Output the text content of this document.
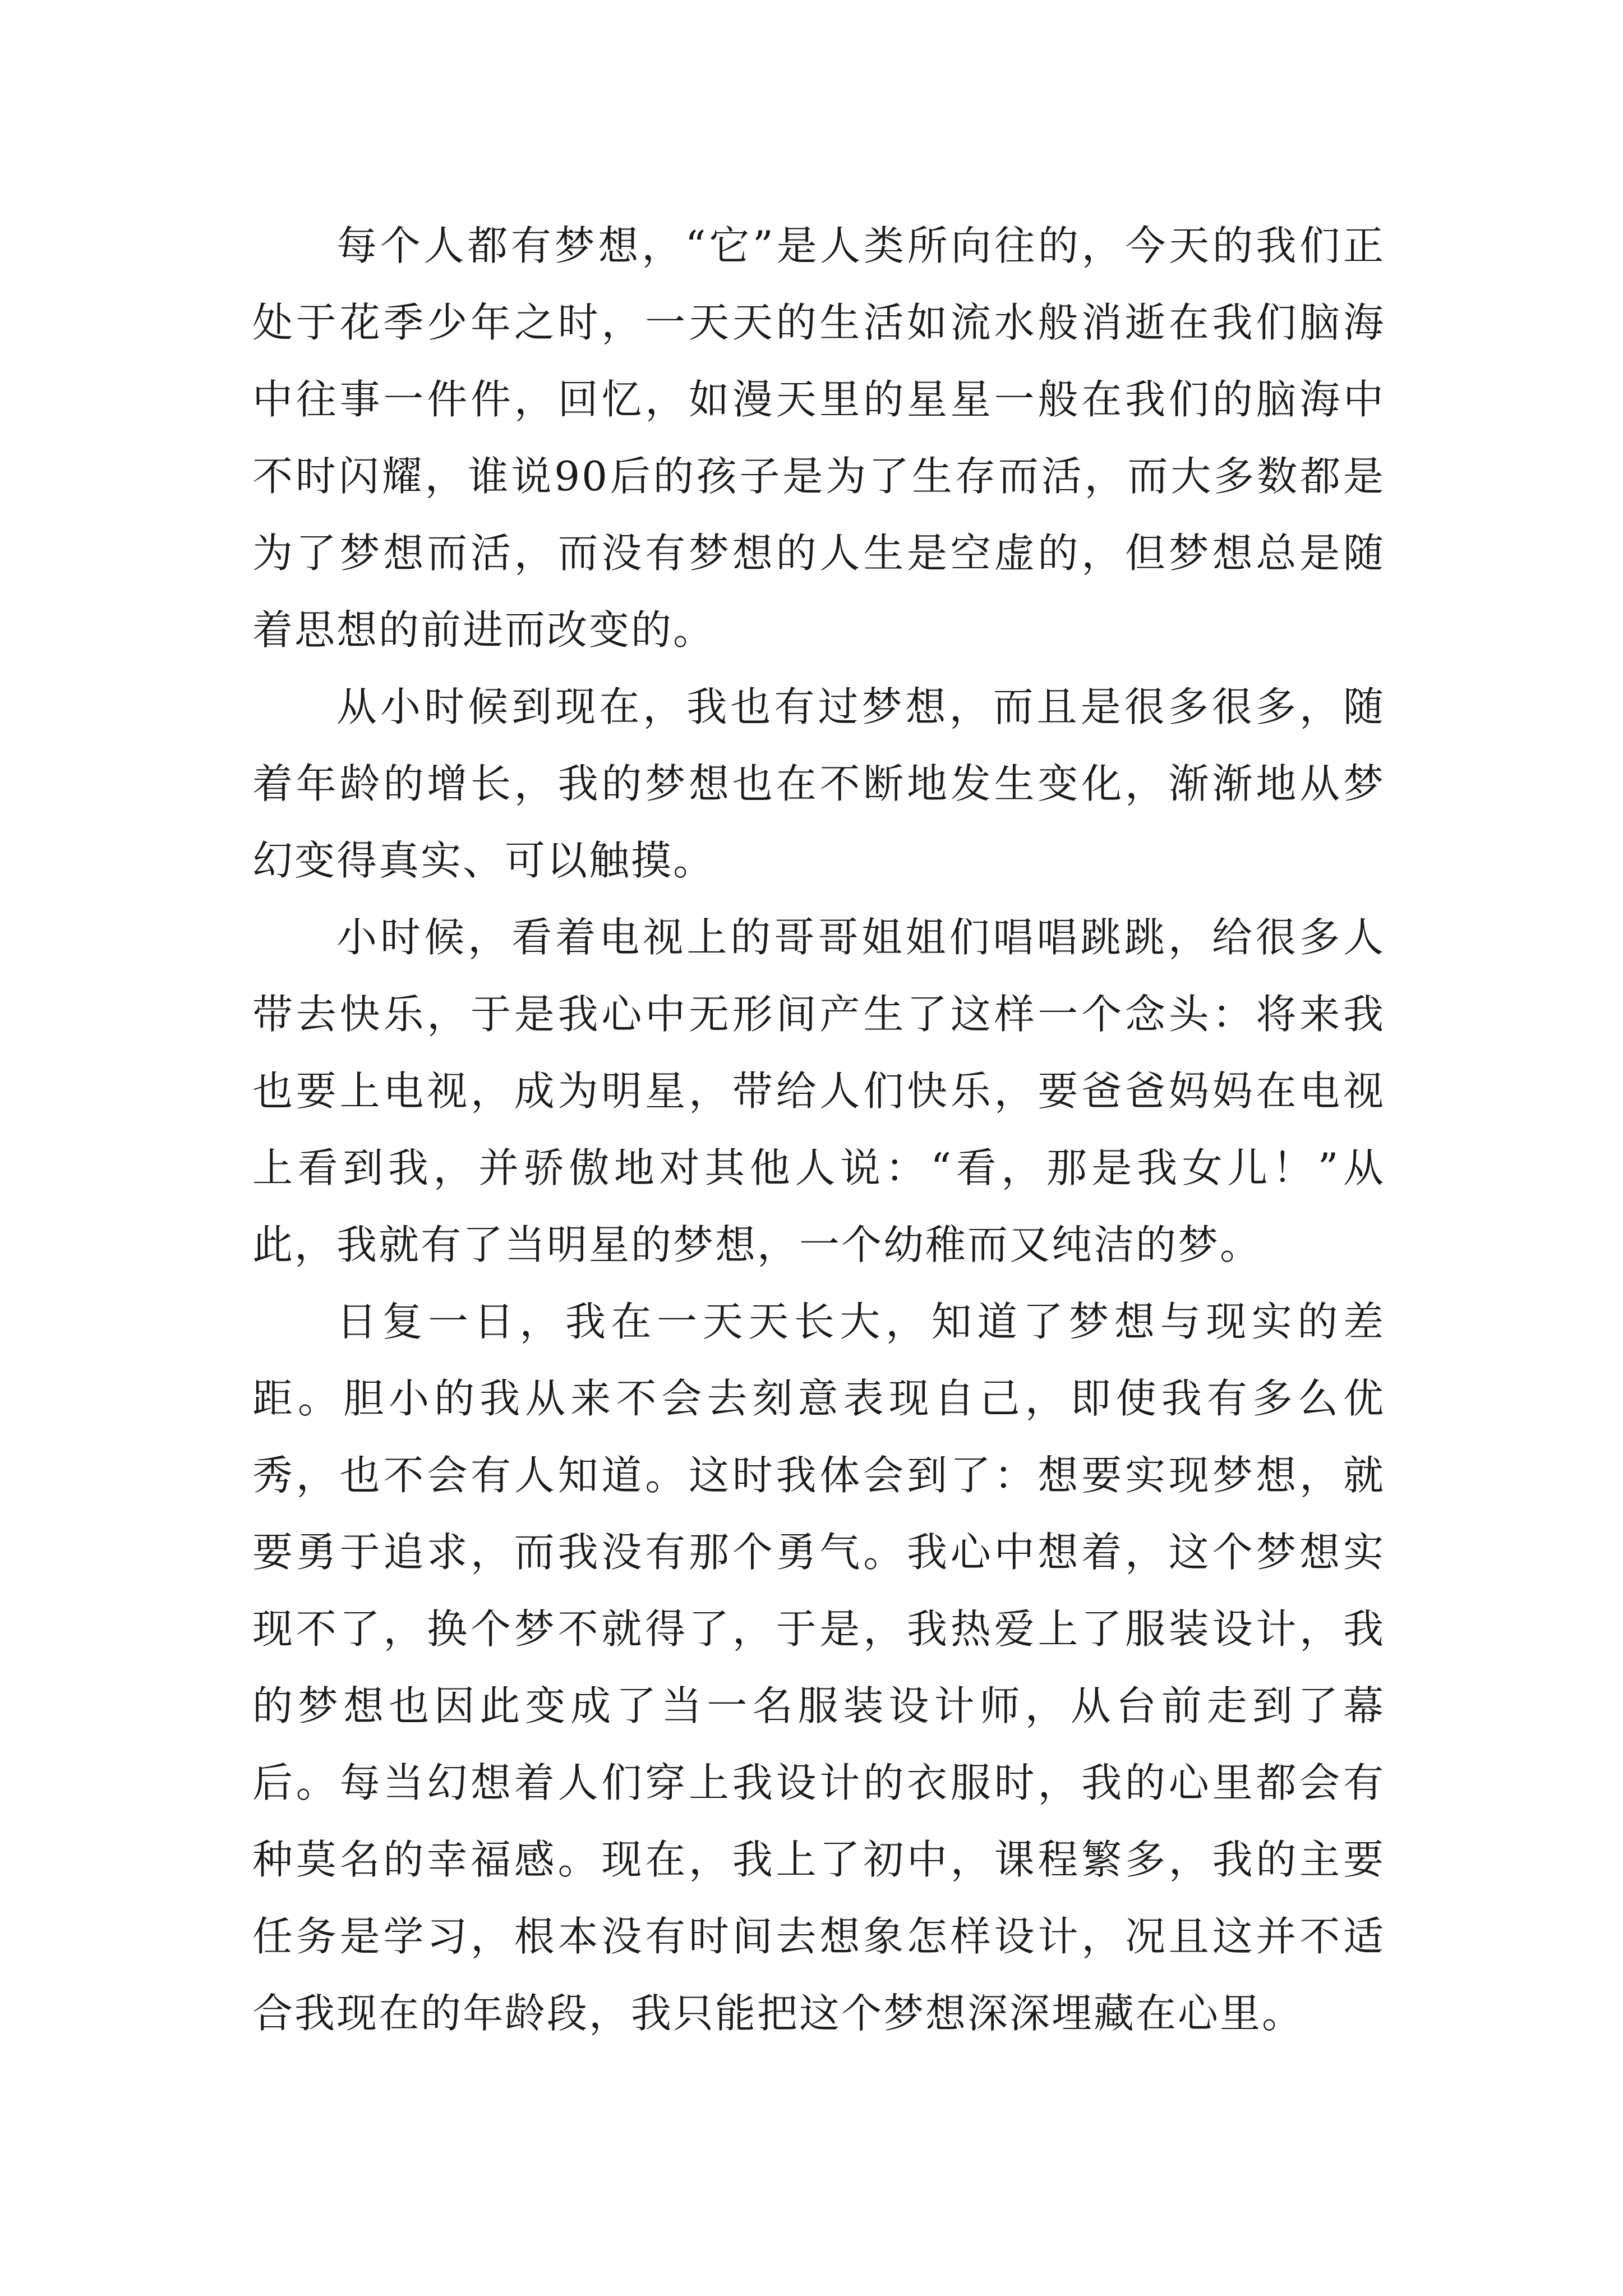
每个人都有梦想，“它”是人类所向往的，今天的我们正处于花季少年之时，一天天的生活如流水般消逝在我们脑海中往事一件件，回忆，如漫天里的星星一般在我们的脑海中不时闪耀，谁说90后的孩子是为了生存而活，而大多数都是为了梦想而活，而没有梦想的人生是空虚的，但梦想总是随着思想的前进而改变的。

从小时候到现在，我也有过梦想，而且是很多很多，随着年龄的增长，我的梦想也在不断地发生变化，渐渐地从梦幻变得真实、可以触摸。

小时候，看着电视上的哥哥姐姐们唱唱跳跳，给很多人带去快乐，于是我心中无形间产生了这样一个念头：将来我也要上电视，成为明星，带给人们快乐，要爸爸妈妈在电视上看到我，并骄傲地对其他人说：“看，那是我女儿！”从此，我就有了当明星的梦想，一个幼稚而又纯洁的梦。

日复一日，我在一天天长大，知道了梦想与现实的差距。胆小的我从来不会去刻意表现自己，即使我有多么优秀，也不会有人知道。这时我体会到了：想要实现梦想，就要勇于追求，而我没有那个勇气。我心中想着，这个梦想实现不了，换个梦不就得了，于是，我热爱上了服装设计，我的梦想也因此变成了当一名服装设计师，从台前走到了幕后。每当幻想着人们穿上我设计的衣服时，我的心里都会有种莫名的幸福感。现在，我上了初中，课程繁多，我的主要任务是学习，根本没有时间去想象怎样设计，况且这并不适合我现在的年龄段，我只能把这个梦想深深埋藏在心里。
